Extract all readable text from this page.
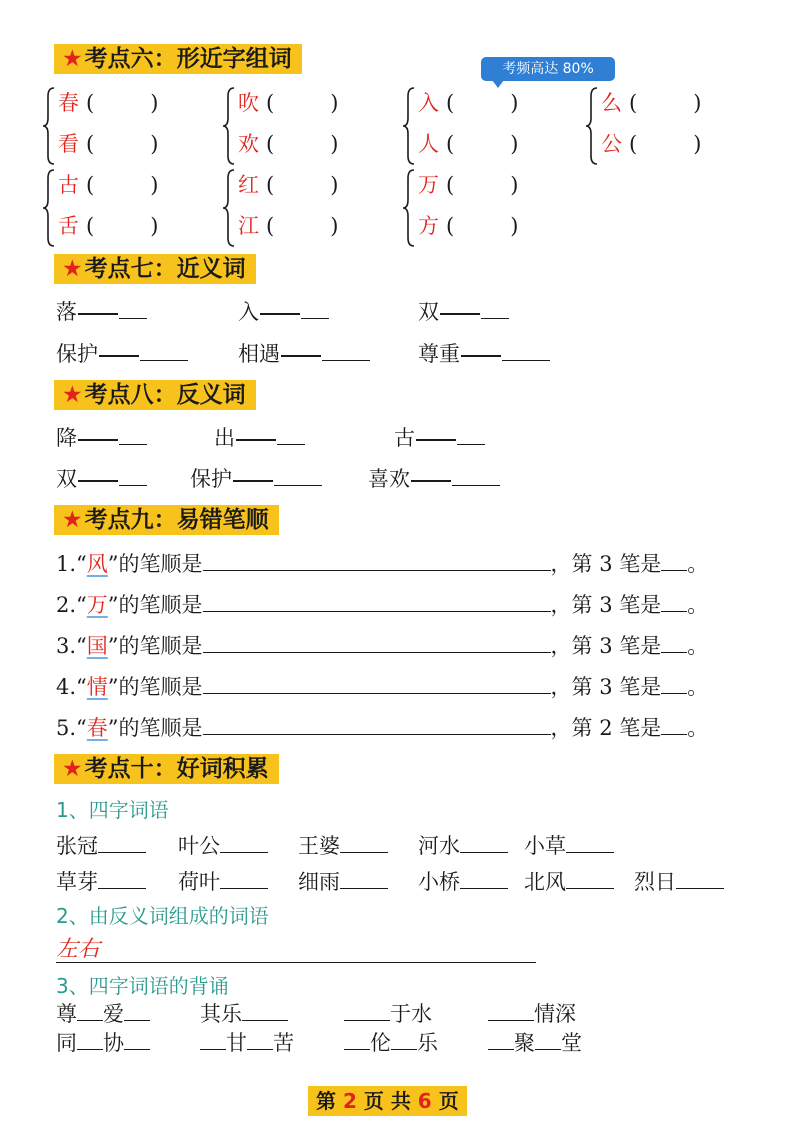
★考点六：形近字组词	考频高达 80%
春 (	)
看 (	)
吹 (	)
欢 (	)
入 (	)
人 (	)
么 (	)
公 (	)
古 (	)
舌 (	)
红 (	)
江 (	)
万 (	)
方 (	)
★考点七：近义词
落	入	双
保护	相遇	尊重
★考点八：反义词
降	出	古
双	保护	喜欢
★考点九：易错笔顺
1.“风”的笔顺是	，第 3 笔是 。
2.“万”的笔顺是	，第 3 笔是 。
3.“国”的笔顺是	，第 3 笔是 。
4.“情”的笔顺是	，第 3 笔是 。
5.“春”的笔顺是	，第 2 笔是 。
★考点十：好词积累
1、四字词语
张冠	叶公	王婆	河水	小草
草芽	荷叶	细雨	小桥	北风	烈日
2、由反义词组成的词语
左右
3、四字词语的背诵
尊 爱	其乐	于水	情深
同 协	甘 苦	伦 乐	聚 堂
第 2 页 共 6 页
